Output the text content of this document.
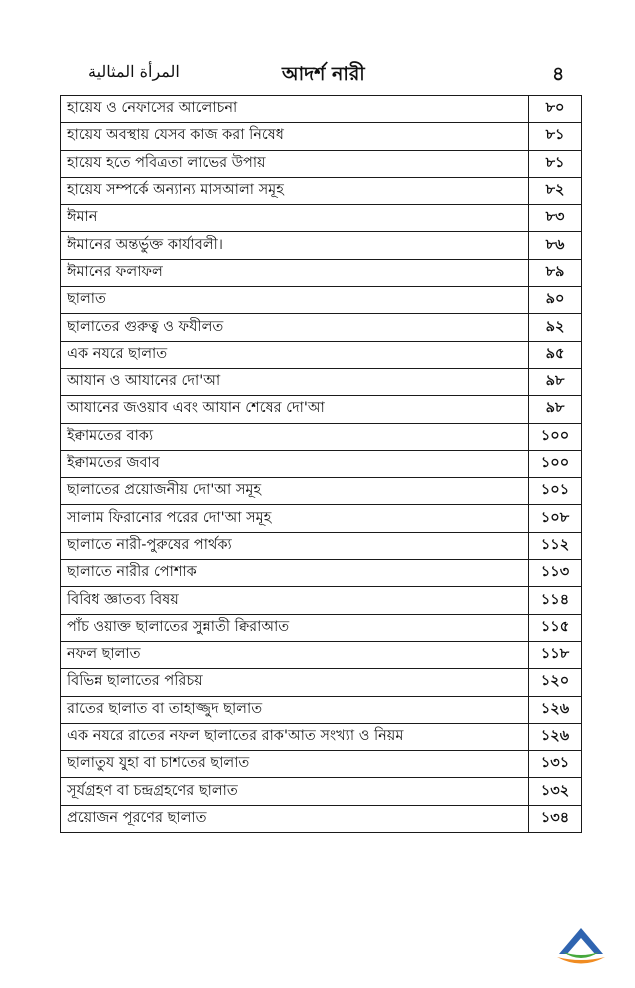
المرأة المثالية	আদর্শ নারী	৪
হায়েয ও নেফাসের আলোচনা	৮০
হায়েয অবস্থায় যেসব কাজ করা নিষেধ	৮১
হায়েয হতে পবিত্রতা লাভের উপায়	৮১
হায়েয সম্পর্কে অন্যান্য মাসআলা সমূহ	৮২
ঈমান	৮৩
ঈমানের অন্তর্ভুক্ত কার্যাবলী।	৮৬
ঈমানের ফলাফল	৮৯
ছালাত	৯০
ছালাতের গুরুত্ব ও ফযীলত	৯২
এক নযরে ছালাত	৯৫
আযান ও আযানের দো'আ	৯৮
আযানের জওয়াব এবং আযান শেষের দো'আ	৯৮
ইক্বামতের বাক্য	১০০
ইক্বামতের জবাব	১০০
ছালাতের প্রয়োজনীয় দো'আ সমূহ	১০১
সালাম ফিরানোর পরের দো'আ সমূহ	১০৮
ছালাতে নারী-পুরুষের পার্থক্য	১১২
ছালাতে নারীর পোশাক	১১৩
বিবিধ জ্ঞাতব্য বিষয়	১১৪
পাঁচ ওয়াক্ত ছালাতের সুন্নাতী ক্বিরাআত	১১৫
নফল ছালাত	১১৮
বিভিন্ন ছালাতের পরিচয়	১২০
রাতের ছালাত বা তাহাজ্জুদ ছালাত	১২৬
এক নযরে রাতের নফল ছালাতের রাক'আত সংখ্যা ও নিয়ম	১২৬
ছালাতুয যুহা বা চাশতের ছালাত	১৩১
সূর্যগ্রহণ বা চন্দ্রগ্রহণের ছালাত	১৩২
প্রয়োজন পূরণের ছালাত	১৩৪
